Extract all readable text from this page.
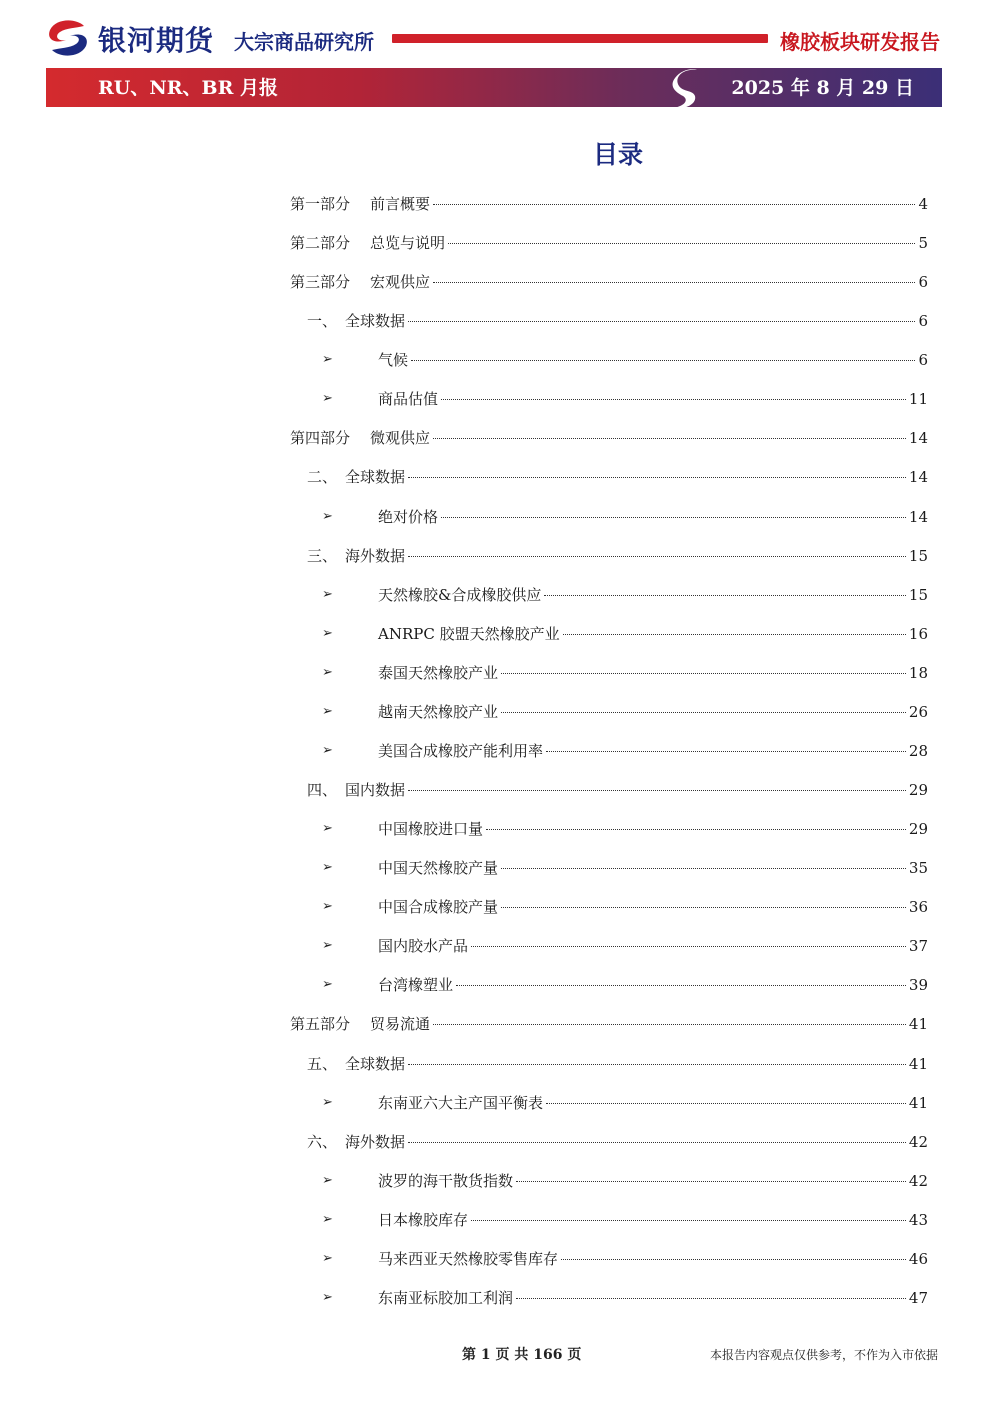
银河期货 大宗商品研究所	橡胶板块研发报告
RU、NR、BR 月报	2025 年 8 月 29 日
目录
第一部分 前言概要	4
第二部分 总览与说明	5
第三部分 宏观供应	6
一、 全球数据	6
气候	6
➢
商品估值	11
➢
第四部分 微观供应	14
二、 全球数据	14
绝对价格	14
➢
三、 海外数据	15
天然橡胶&合成橡胶供应	15
➢
ANRPC 胶盟天然橡胶产业	16
➢
泰国天然橡胶产业	18
➢
越南天然橡胶产业	26
➢
美国合成橡胶产能利用率	28
➢
四、 国内数据	29
中国橡胶进口量	29
➢
中国天然橡胶产量	35
➢
中国合成橡胶产量	36
➢
国内胶水产品	37
➢
台湾橡塑业	39
➢
第五部分 贸易流通	41
五、 全球数据	41
东南亚六大主产国平衡表	41
➢
六、 海外数据	42
波罗的海干散货指数	42
➢
日本橡胶库存	43
➢
马来西亚天然橡胶零售库存	46
➢
东南亚标胶加工利润	47
➢
第 1 页 共 166 页	本报告内容观点仅供参考，不作为入市依据
